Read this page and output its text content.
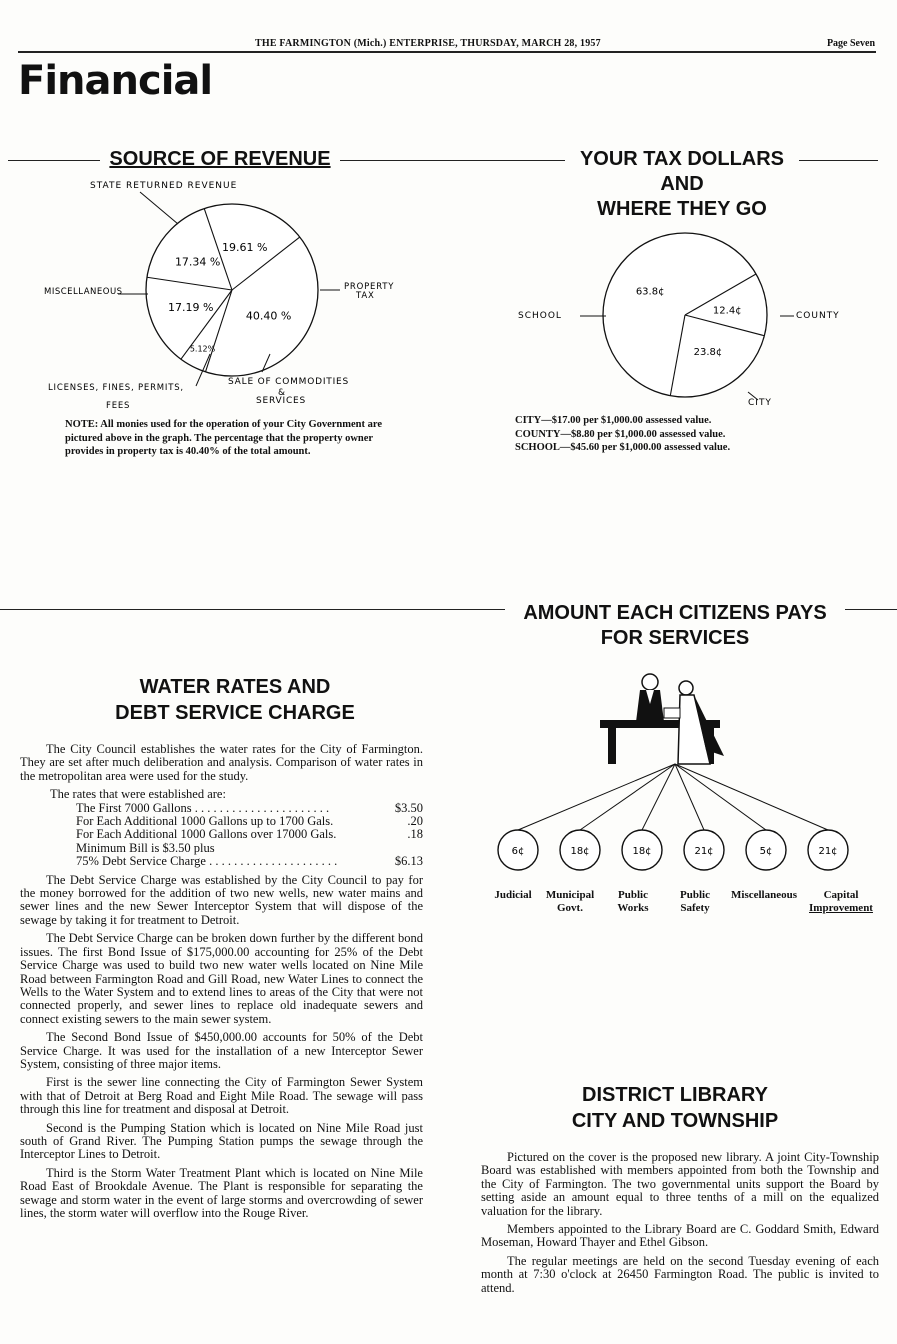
THE FARMINGTON (Mich.) ENTERPRISE, THURSDAY, MARCH 28, 1957	Page Seven
Financial
SOURCE OF REVENUE
40.40 %
5.12%
17.19 %
17.34 %
19.61 %
STATE RETURNED REVENUE
MISCELLANEOUS	PROPERTY
TAX
LICENSES, FINES, PERMITS,
FEES
SALE OF COMMODITIES
&
SERVICES
NOTE: All monies used for the operation of your City Government are pictured above in the graph. The percentage that the property owner provides in property tax is 40.40% of the total amount.
YOUR TAX DOLLARS
AND
WHERE THEY GO
12.4¢
23.8¢
63.8¢
SCHOOL	COUNTY
CITY
CITY—$17.00 per $1,000.00 assessed value.
COUNTY—$8.80 per $1,000.00 assessed value.
SCHOOL—$45.60 per $1,000.00 assessed value.
AMOUNT EACH CITIZENS PAYS
FOR SERVICES
6¢	18¢	18¢	21¢	5¢	21¢
Judicial	Municipal
Govt.
Public
Works
Public
Safety
Miscellaneous	Capital
Improvement
WATER RATES AND
DEBT SERVICE CHARGE

The City Council establishes the water rates for the City of Farmington. They are set after much deliberation and analysis. Comparison of water rates in the metropolitan area were used for the study.

The rates that were established are:
The First 7000 Gallons . . . . . . . . . . . . . . . . . . . . . .	$3.50
For Each Additional 1000 Gallons up to 1700 Gals.	.20
For Each Additional 1000 Gallons over 17000 Gals.	.18
Minimum Bill is $3.50 plus
75% Debt Service Charge . . . . . . . . . . . . . . . . . . . . .	$6.13

The Debt Service Charge was established by the City Council to pay for the money borrowed for the addition of two new wells, new water mains and sewer lines and the new Sewer Interceptor System that will dispose of the sewage by taking it for treatment to Detroit.

The Debt Service Charge can be broken down further by the different bond issues. The first Bond Issue of $175,000.00 accounting for 25% of the Debt Service Charge was used to build two new water wells located on Nine Mile Road between Farmington Road and Gill Road, new Water Lines to connect the Wells to the Water System and to extend lines to areas of the City that were not connected properly, and sewer lines to replace old inadequate sewers and connect existing sewers to the main sewer system.

The Second Bond Issue of $450,000.00 accounts for 50% of the Debt Service Charge. It was used for the installation of a new Interceptor Sewer System, consisting of three major items.

First is the sewer line connecting the City of Farmington Sewer System with that of Detroit at Berg Road and Eight Mile Road. The sewage will pass through this line for treatment and disposal at Detroit.

Second is the Pumping Station which is located on Nine Mile Road just south of Grand River. The Pumping Station pumps the sewage through the Interceptor Lines to Detroit.

Third is the Storm Water Treatment Plant which is located on Nine Mile Road East of Brookdale Avenue. The Plant is responsible for separating the sewage and storm water in the event of large storms and overcrowding of sewer lines, the storm water will overflow into the Rouge River.

DISTRICT LIBRARY
CITY AND TOWNSHIP

Pictured on the cover is the proposed new library. A joint City-Township Board was established with members appointed from both the Township and the City of Farmington. The two governmental units support the Board by setting aside an amount equal to three tenths of a mill on the equalized valuation for the library.

Members appointed to the Library Board are C. Goddard Smith, Edward Moseman, Howard Thayer and Ethel Gibson.

The regular meetings are held on the second Tuesday evening of each month at 7:30 o'clock at 26450 Farmington Road. The public is invited to attend.
